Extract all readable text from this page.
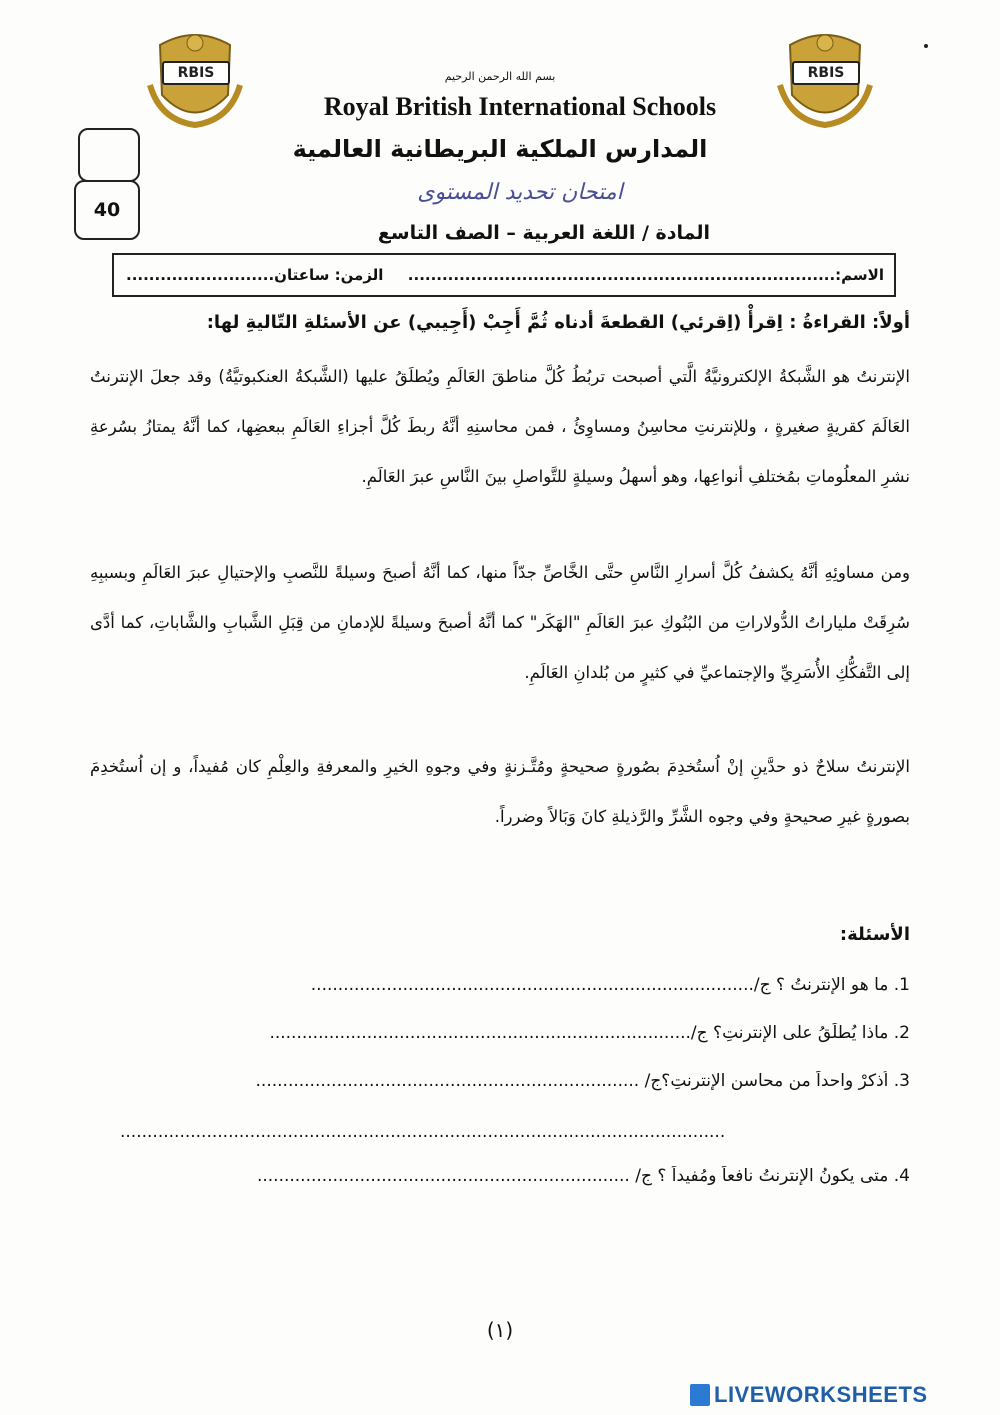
RBIS	RBIS
بسم الله الرحمن الرحيم
Royal British International Schools
المدارس الملكية البريطانية العالمية
امتحان تحديد المستوى
المادة / اللغة العربية – الصف التاسع
40
الاسم:...........................................................................
الزمن: ساعتان..........................
أولاً: القراءةُ : اِقرأْ (اِقرئي) القطعةَ أدناه ثُمَّ أَجِبْ (أَجِيبي) عن الأسئلةِ التّاليةِ لها:
الإنترنتُ هو الشَّبكةُ الإلكترونيَّةُ الَّتي أصبحت تربُطُ كُلَّ مناطقَ العَالَمِ ويُطلَقُ عليها (الشَّبكةُ العنكبوتيَّةُ) وقد جعلَ الإنترنتُ العَالَمَ كقريةٍ صغيرةٍ ، وللإنترنتِ محاسِنُ ومساوِئُ ، فمن محاسنِهِ أنَّهُ ربطَ كُلَّ أجزاءِ العَالَمِ ببعضِها، كما أنَّهُ يمتازُ بسُرعةِ نشرِ المعلُوماتِ بمُختلفِ أنواعِها، وهو أسهلُ وسيلةٍ للتَّواصلِ بينَ النَّاسِ عبرَ العَالَمِ.
ومن مساوئِهِ أنَّهُ يكشفُ كُلَّ أسرارِ النَّاسِ حتَّى الخَّاصِّ جدّاً منها، كما أنَّهُ أصبحَ وسيلةً للنَّصبِ والإحتيالِ عبرَ العَالَمِ وبسببِهِ سُرِقَتْ ملياراتُ الدُّولاراتِ من البُنُوكِ عبرَ العَالَمِ "الهَكَر" كما أنَّهُ أصبحَ وسيلةً للإدمانِ من قِبَلِ الشَّبابِ والشَّاباتِ، كما أدَّى إلى التَّفكُّكِ الأُسَرِيِّ والإجتماعيِّ في كثيرٍ من بُلدانِ العَالَمِ.
الإنترنتُ سلاحٌ ذو حدَّينِ إنْ اُستُخدِمَ بصُورةٍ صحيحةٍ ومُتَّـزنةٍ وفي وجوهِ الخيرِ والمعرفةِ والعِلْمِ كان مُفيداً، و إن اُستُخدِمَ بصورةٍ غيرِ صحيحةٍ وفي وجوه الشَّرِّ والرَّذيلةِ كانَ وَبَالاً وضرراً.
الأسئلة:
1. ما هو الإنترنتُ ؟ ج/..................................................................................
2. ماذا يُطلَقُ على الإنترنتِ؟ ج/..............................................................................
3. اُذكرْ واحداً من محاسنِ الإنترنتِ؟ج/ .......................................................................
................................................................................................................
4. متى يكونُ الإنترنتُ نافعاً ومُفيداً ؟ ج/ .....................................................................
(١)
LIVEWORKSHEETS
